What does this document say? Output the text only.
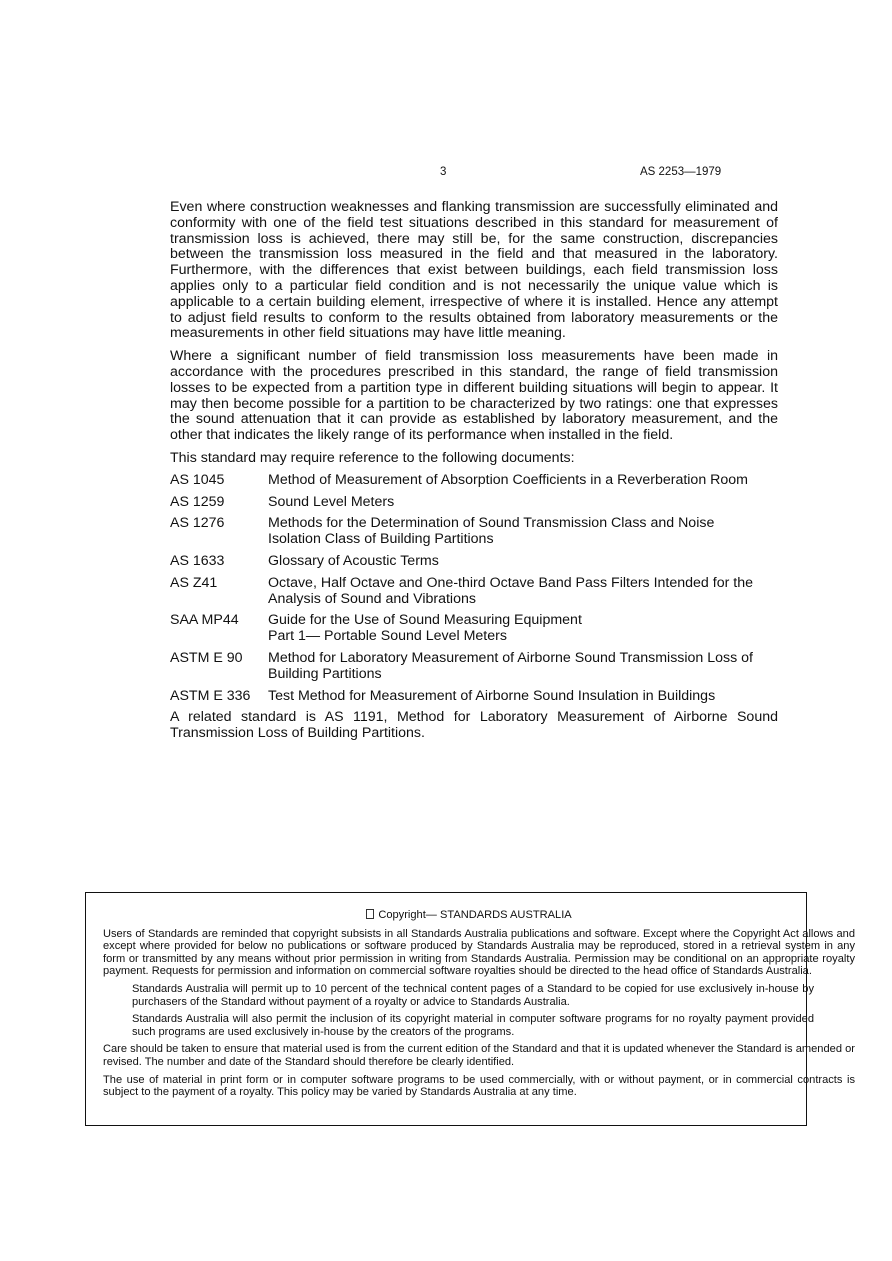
3	AS 2253—1979

Even where construction weaknesses and flanking transmission are successfully eliminated and conformity with one of the field test situations described in this standard for measurement of transmission loss is achieved, there may still be, for the same construction, discrepancies between the transmission loss measured in the field and that measured in the laboratory. Furthermore, with the differences that exist between buildings, each field transmission loss applies only to a particular field condition and is not necessarily the unique value which is applicable to a certain building element, irrespective of where it is installed. Hence any attempt to adjust field results to conform to the results obtained from laboratory measurements or the measurements in other field situations may have little meaning.

Where a significant number of field transmission loss measurements have been made in accordance with the procedures prescribed in this standard, the range of field transmission losses to be expected from a partition type in different building situations will begin to appear. It may then become possible for a partition to be characterized by two ratings: one that expresses the sound attenuation that it can provide as established by laboratory measurement, and the other that indicates the likely range of its performance when installed in the field.

This standard may require reference to the following documents:

AS 1045	Method of Measurement of Absorption Coefficients in a Reverberation Room
AS 1259	Sound Level Meters
AS 1276	Methods for the Determination of Sound Transmission Class and Noise Isolation Class of Building Partitions
AS 1633	Glossary of Acoustic Terms
AS Z41	Octave, Half Octave and One-third Octave Band Pass Filters Intended for the Analysis of Sound and Vibrations
SAA MP44	Guide for the Use of Sound Measuring Equipment
Part 1— Portable Sound Level Meters
ASTM E 90	Method for Laboratory Measurement of Airborne Sound Transmission Loss of Building Partitions
ASTM E 336	Test Method for Measurement of Airborne Sound Insulation in Buildings

A related standard is AS 1191, Method for Laboratory Measurement of Airborne Sound Transmission Loss of Building Partitions.

Copyright— STANDARDS AUSTRALIA

Users of Standards are reminded that copyright subsists in all Standards Australia publications and software. Except where the Copyright Act allows and except where provided for below no publications or software produced by Standards Australia may be reproduced, stored in a retrieval system in any form or transmitted by any means without prior permission in writing from Standards Australia. Permission may be conditional on an appropriate royalty payment. Requests for permission and information on commercial software royalties should be directed to the head office of Standards Australia.

Standards Australia will permit up to 10 percent of the technical content pages of a Standard to be copied for use exclusively in-house by purchasers of the Standard without payment of a royalty or advice to Standards Australia.

Standards Australia will also permit the inclusion of its copyright material in computer software programs for no royalty payment provided such programs are used exclusively in-house by the creators of the programs.

Care should be taken to ensure that material used is from the current edition of the Standard and that it is updated whenever the Standard is amended or revised. The number and date of the Standard should therefore be clearly identified.

The use of material in print form or in computer software programs to be used commercially, with or without payment, or in commercial contracts is subject to the payment of a royalty. This policy may be varied by Standards Australia at any time.
